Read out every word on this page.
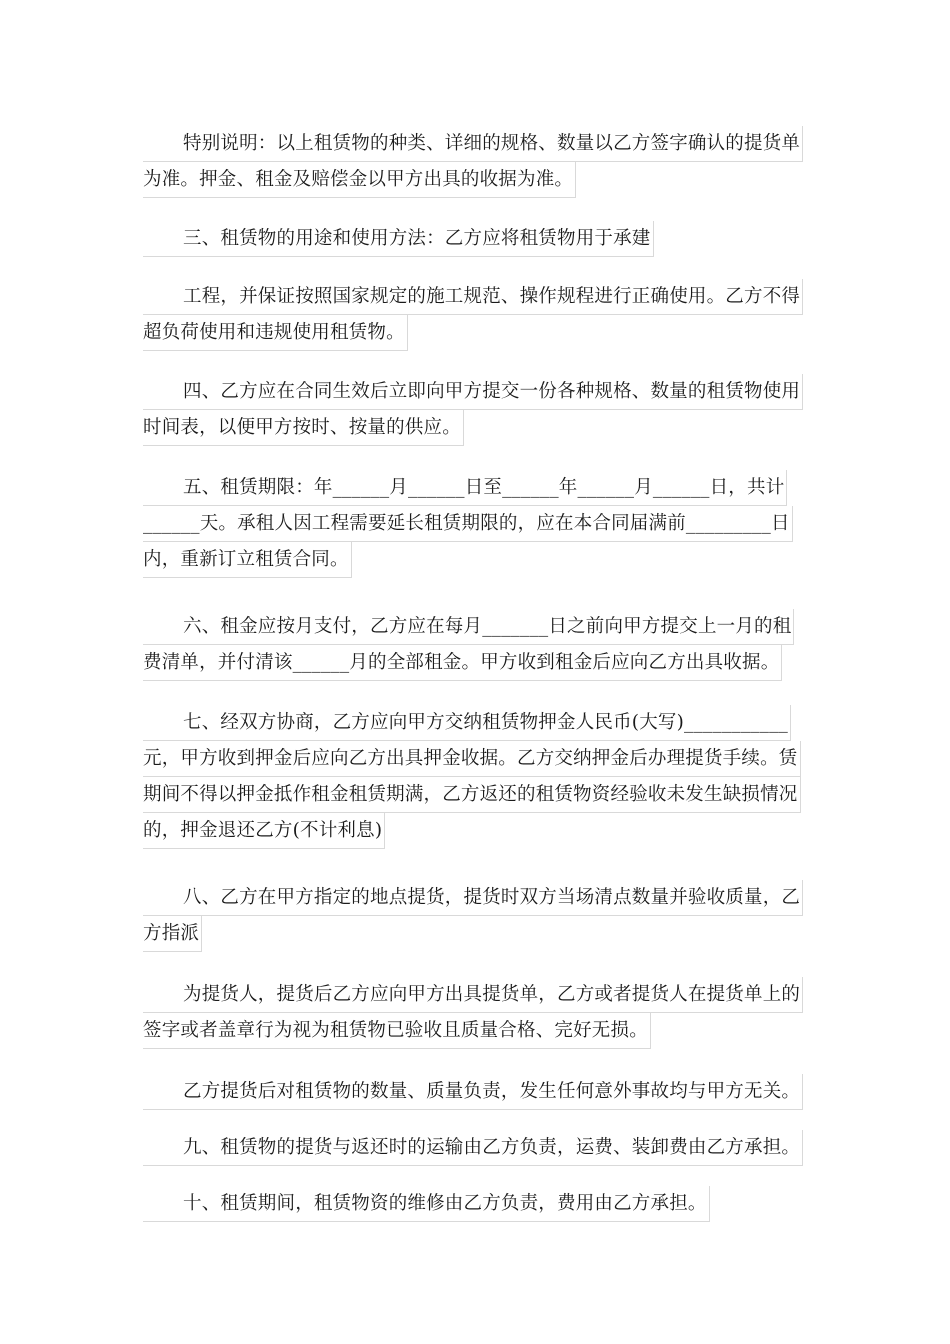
特别说明：以上租赁物的种类、详细的规格、数量以乙方签字确认的提货单
为准。押金、租金及赔偿金以甲方出具的收据为准。
三、租赁物的用途和使用方法：乙方应将租赁物用于承建
工程，并保证按照国家规定的施工规范、操作规程进行正确使用。乙方不得
超负荷使用和违规使用租赁物。
四、乙方应在合同生效后立即向甲方提交一份各种规格、数量的租赁物使用
时间表，以便甲方按时、按量的供应。
五、租赁期限：年______月______日至______年______月______日，共计
______天。承租人因工程需要延长租赁期限的，应在本合同届满前_________日
内，重新订立租赁合同。
六、租金应按月支付，乙方应在每月_______日之前向甲方提交上一月的租
费清单，并付清该______月的全部租金。甲方收到租金后应向乙方出具收据。
七、经双方协商，乙方应向甲方交纳租赁物押金人民币(大写)___________
元，甲方收到押金后应向乙方出具押金收据。乙方交纳押金后办理提货手续。赁
期间不得以押金抵作租金租赁期满，乙方返还的租赁物资经验收未发生缺损情况
的，押金退还乙方(不计利息)
八、乙方在甲方指定的地点提货，提货时双方当场清点数量并验收质量，乙
方指派
为提货人，提货后乙方应向甲方出具提货单，乙方或者提货人在提货单上的
签字或者盖章行为视为租赁物已验收且质量合格、完好无损。
乙方提货后对租赁物的数量、质量负责，发生任何意外事故均与甲方无关。
九、租赁物的提货与返还时的运输由乙方负责，运费、装卸费由乙方承担。
十、租赁期间，租赁物资的维修由乙方负责，费用由乙方承担。
